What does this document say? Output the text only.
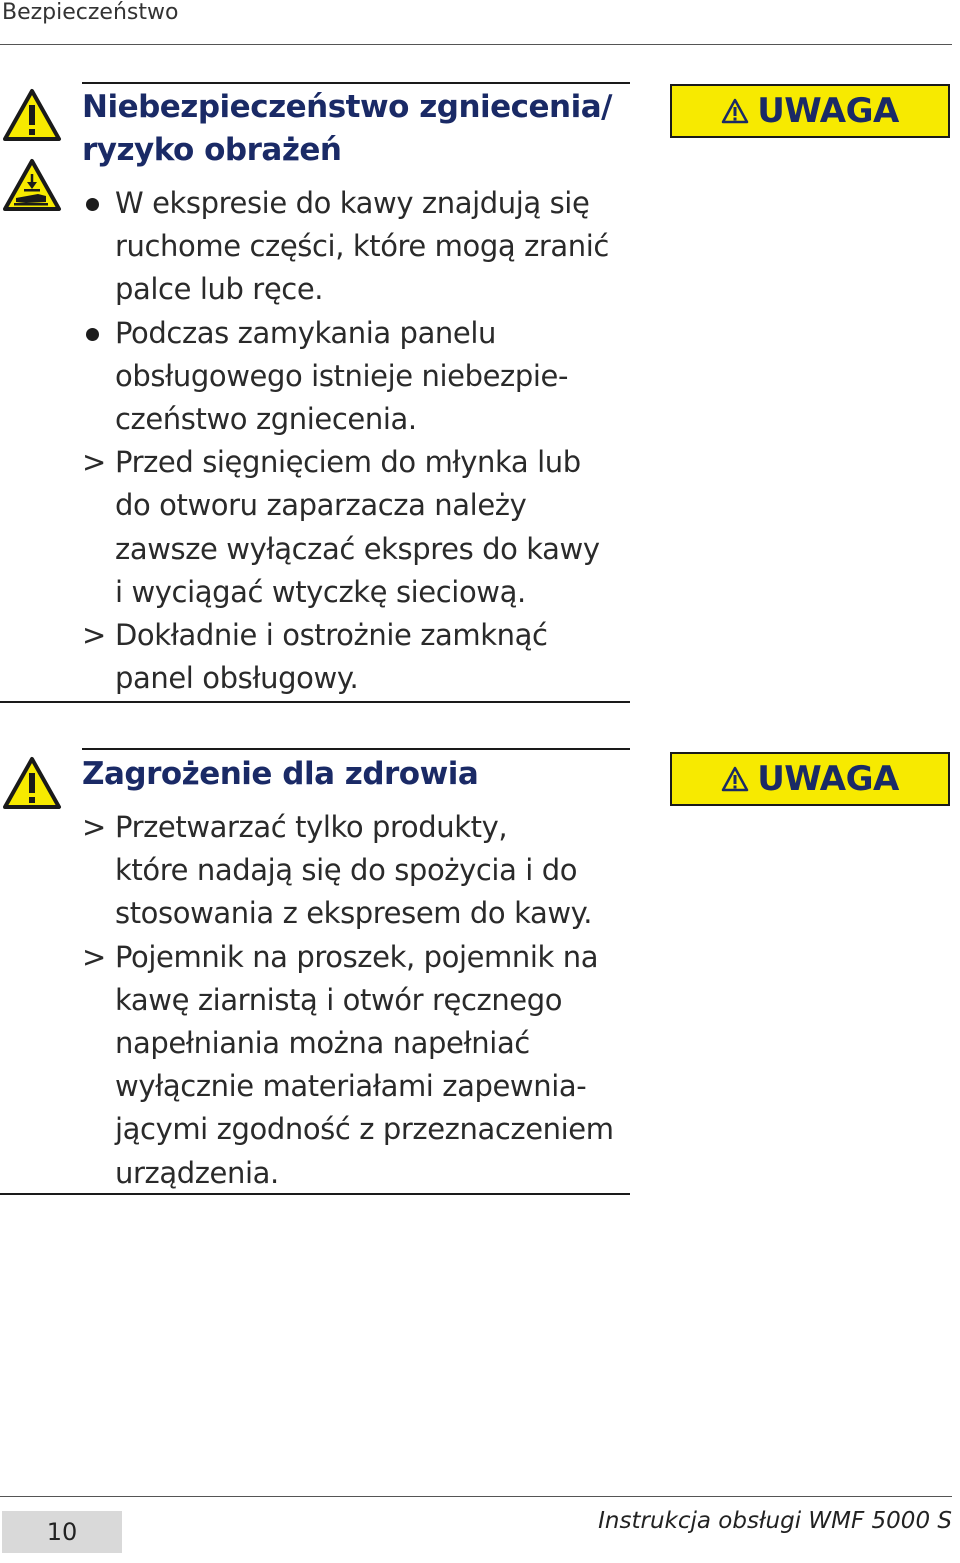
Bezpieczeństwo
Niebezpieczeństwo zgniecenia/
ryzyko obrażeń
UWAGA
W ekspresie do kawy znajdują się
ruchome części, które mogą zranić
palce lub ręce.
Podczas zamykania panelu
obsługowego istnieje niebezpie-
czeństwo zgniecenia.
> Przed sięgnięciem do młynka lub
do otworu zaparzacza należy
zawsze wyłączać ekspres do kawy
i wyciągać wtyczkę sieciową.
> Dokładnie i ostrożnie zamknąć
panel obsługowy.
Zagrożenie dla zdrowia	UWAGA
> Przetwarzać tylko produkty,
które nadają się do spożycia i do
stosowania z ekspresem do kawy.
> Pojemnik na proszek, pojemnik na
kawę ziarnistą i otwór ręcznego
napełniania można napełniać
wyłącznie materiałami zapewnia-
jącymi zgodność z przeznaczeniem
urządzenia.
10	Instrukcja obsługi WMF 5000 S
